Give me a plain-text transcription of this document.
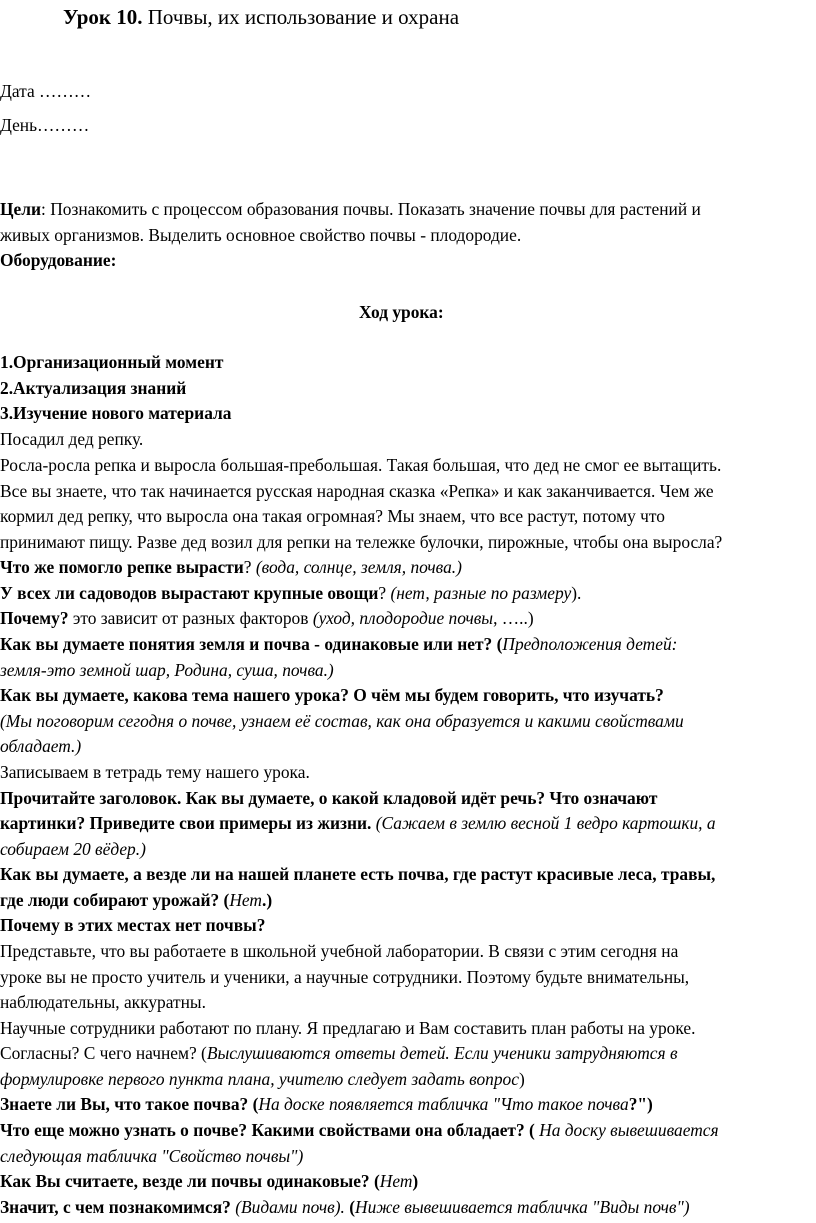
Урок 10. Почвы, их использование и охрана
Дата ………
День………
Цели: Познакомить с процессом образования почвы. Показать значение почвы для растений и
живых организмов. Выделить основное свойство почвы - плодородие.
Оборудование:
Ход урока:
1.Организационный момент
2.Актуализация знаний
3.Изучение нового материала
Посадил дед репку.
Росла-росла репка и выросла большая-пребольшая. Такая большая, что дед не смог ее вытащить.
Все вы знаете, что так начинается русская народная сказка «Репка» и как заканчивается. Чем же
кормил дед репку, что выросла она такая огромная? Мы знаем, что все растут, потому что
принимают пищу. Разве дед возил для репки на тележке булочки, пирожные, чтобы она выросла?
Что же помогло репке вырасти? (вода, солнце, земля, почва.)
У всех ли садоводов вырастают крупные овощи? (нет, разные по размеру).
Почему? это зависит от разных факторов (уход, плодородие почвы, …..)
Как вы думаете понятия земля и почва - одинаковые или нет? (Предположения детей:
земля-это земной шар, Родина, суша, почва.)
Как вы думаете, какова тема нашего урока? О чём мы будем говорить, что изучать?
(Мы поговорим сегодня о почве, узнаем её состав, как она образуется и какими свойствами
обладает.)
Записываем в тетрадь тему нашего урока.
Прочитайте заголовок. Как вы думаете, о какой кладовой идёт речь? Что означают
картинки? Приведите свои примеры из жизни. (Сажаем в землю весной 1 ведро картошки, а
собираем 20 вёдер.)
Как вы думаете, а везде ли на нашей планете есть почва, где растут красивые леса, травы,
где люди собирают урожай? (Нет.)
Почему в этих местах нет почвы?
Представьте, что вы работаете в школьной учебной лаборатории. В связи с этим сегодня на
уроке вы не просто учитель и ученики, а научные сотрудники. Поэтому будьте внимательны,
наблюдательны, аккуратны.
Научные сотрудники работают по плану. Я предлагаю и Вам составить план работы на уроке.
Согласны? С чего начнем? (Выслушиваются ответы детей. Если ученики затрудняются в
формулировке первого пункта плана, учителю следует задать вопрос)
Знаете ли Вы, что такое почва? (На доске появляется табличка "Что такое почва?")
Что еще можно узнать о почве? Какими свойствами она обладает? ( На доску вывешивается
следующая табличка "Свойство почвы")
Как Вы считаете, везде ли почвы одинаковые? (Нет)
Значит, с чем познакомимся? (Видами почв). (Ниже вывешивается табличка "Виды почв")
